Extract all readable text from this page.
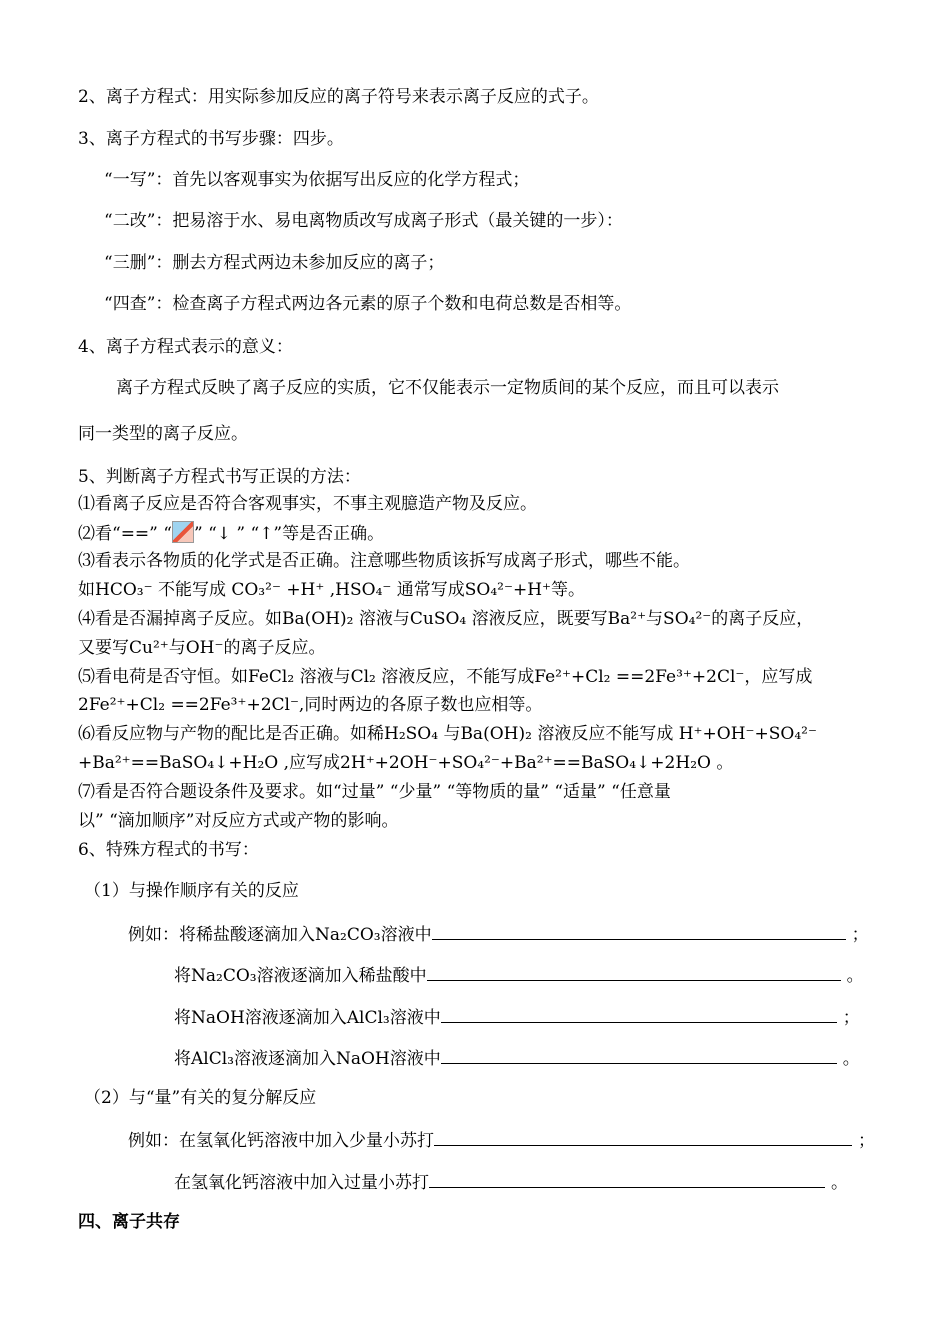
2、离子方程式：用实际参加反应的离子符号来表示离子反应的式子。
3、离子方程式的书写步骤：四步。
“一写”：首先以客观事实为依据写出反应的化学方程式；
“二改”：把易溶于水、易电离物质改写成离子形式（最关键的一步）：
“三删”：删去方程式两边未参加反应的离子；
“四查”：检查离子方程式两边各元素的原子个数和电荷总数是否相等。
4、离子方程式表示的意义：
离子方程式反映了离子反应的实质，它不仅能表示一定物质间的某个反应，而且可以表示
同一类型的离子反应。
5、判断离子方程式书写正误的方法：
⑴看离子反应是否符合客观事实，不事主观臆造产物及反应。
⑵看“==” “ ” “↓ ” “↑”等是否正确。
⑶看表示各物质的化学式是否正确。注意哪些物质该拆写成离子形式，哪些不能。
如HCO₃⁻ 不能写成 CO₃²⁻ +H⁺ ,HSO₄⁻ 通常写成SO₄²⁻+H⁺等。
⑷看是否漏掉离子反应。如Ba(OH)₂ 溶液与CuSO₄ 溶液反应，既要写Ba²⁺与SO₄²⁻的离子反应，
又要写Cu²⁺与OH⁻的离子反应。
⑸看电荷是否守恒。如FeCl₂ 溶液与Cl₂ 溶液反应，不能写成Fe²⁺+Cl₂ ==2Fe³⁺+2Cl⁻，应写成
2Fe²⁺+Cl₂ ==2Fe³⁺+2Cl⁻,同时两边的各原子数也应相等。
⑹看反应物与产物的配比是否正确。如稀H₂SO₄ 与Ba(OH)₂ 溶液反应不能写成 H⁺+OH⁻+SO₄²⁻
+Ba²⁺==BaSO₄↓+H₂O ,应写成2H⁺+2OH⁻+SO₄²⁻+Ba²⁺==BaSO₄↓+2H₂O 。
⑺看是否符合题设条件及要求。如“过量” “少量” “等物质的量” “适量” “任意量
以” “滴加顺序”对反应方式或产物的影响。
6、特殊方程式的书写：
（1）与操作顺序有关的反应
例如：将稀盐酸逐滴加入Na₂CO₃溶液中	；
将Na₂CO₃溶液逐滴加入稀盐酸中	。
将NaOH溶液逐滴加入AlCl₃溶液中	；
将AlCl₃溶液逐滴加入NaOH溶液中	。
（2）与“量”有关的复分解反应
例如：在氢氧化钙溶液中加入少量小苏打	；
在氢氧化钙溶液中加入过量小苏打	。
四、离子共存
